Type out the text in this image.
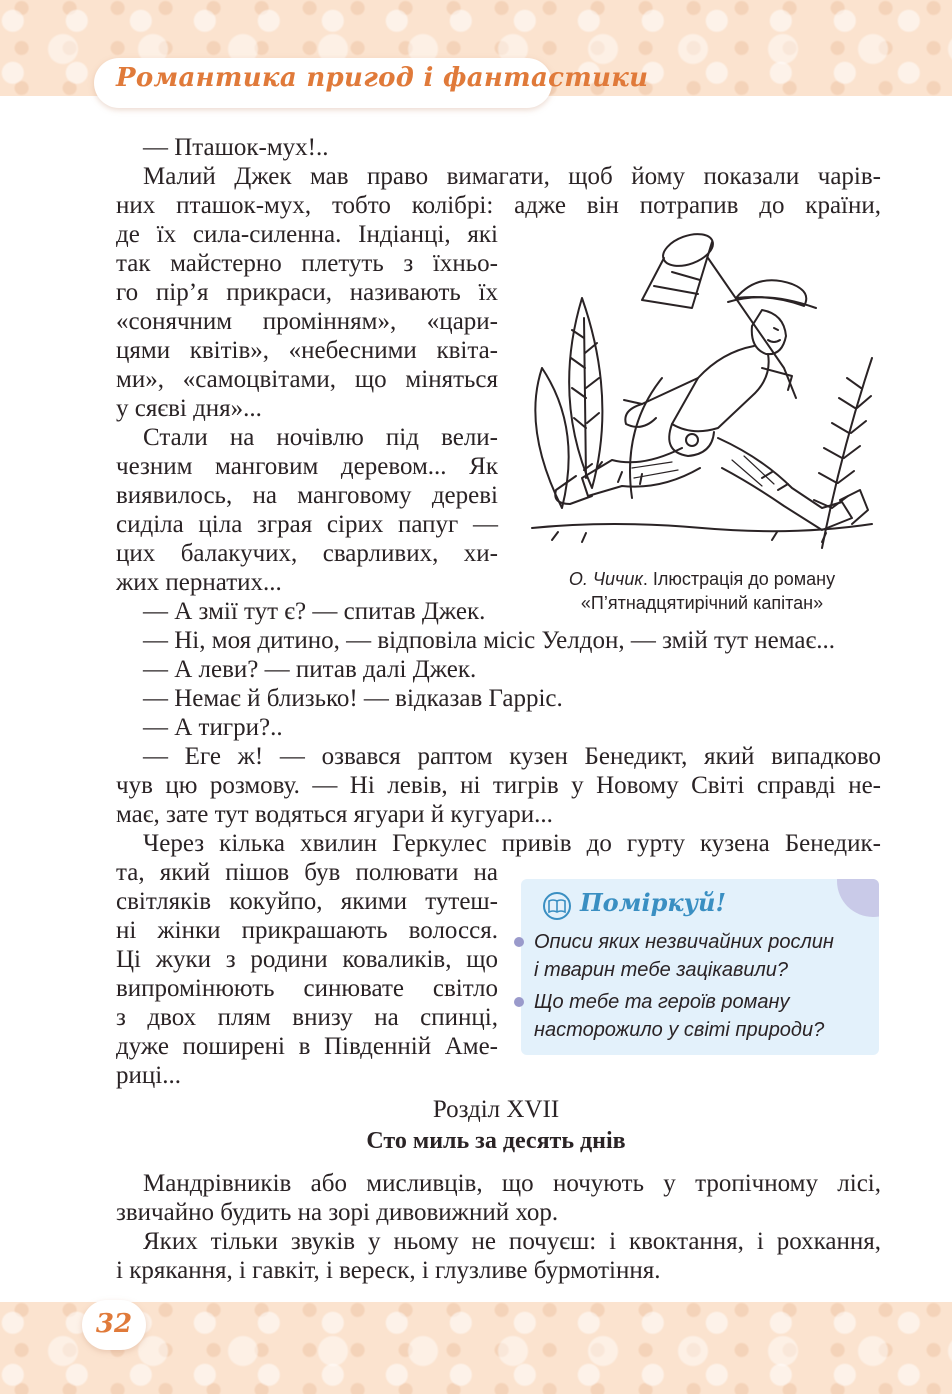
Романтика пригод і фантастики
— Пташок-мух!..
Малий Джек мав право вимагати, щоб йому показали чарів-
них пташок-мух, тобто колібрі: адже він потрапив до країни,
де їх сила-силенна. Індіанці, які
так майстерно плетуть з їхньо-
го пір’я прикраси, називають їх
«сонячним промінням», «цари-
цями квітів», «небесними квіта-
ми», «самоцвітами, що міняться
у сяєві дня»...
Стали на ночівлю під вели-
чезним манговим деревом... Як
виявилось, на манговому дереві
сиділа ціла зграя сірих папуг —
циx балакучих, сварливих, хи-
жих пернатих...
— А змії тут є? — спитав Джек.
— Ні, моя дитино, — відповіла місіс Уелдон, — змій тут немає...
— А леви? — питав далі Джек.
— Немає й близько! — відказав Гарріс.
— А тигри?..
— Еге ж! — озвався раптом кузен Бенедикт, який випадково
чув цю розмову. — Ні левів, ні тигрів у Новому Світі справді не-
має, зате тут водяться ягуари й кугуари...
Через кілька хвилин Геркулес привів до гурту кузена Бенедик-
та, який пішов був полювати на
світляків кокуйпо, якими тутеш-
ні жінки прикрашають волосся.
Ці жуки з родини коваликів, що
випромінюють синювате світло
з двох плям внизу на спинці,
дуже поширені в Південній Аме-
риці...
О. Чичик. Ілюстрація до роману
«П’ятнадцятирічний капітан»
Поміркуй!
Описи яких незвичайних рослин
і тварин тебе зацікавили?
Що тебе та героїв роману
насторожило у світі природи?
Розділ XVII
Сто миль за десять днів
Мандрівників або мисливців, що ночують у тропічному лісі,
звичайно будить на зорі дивовижний хор.
Яких тільки звуків у ньому не почуєш: і квоктання, і рохкання,
і крякання, і гавкіт, і вереск, і глузливе бурмотіння.
32
